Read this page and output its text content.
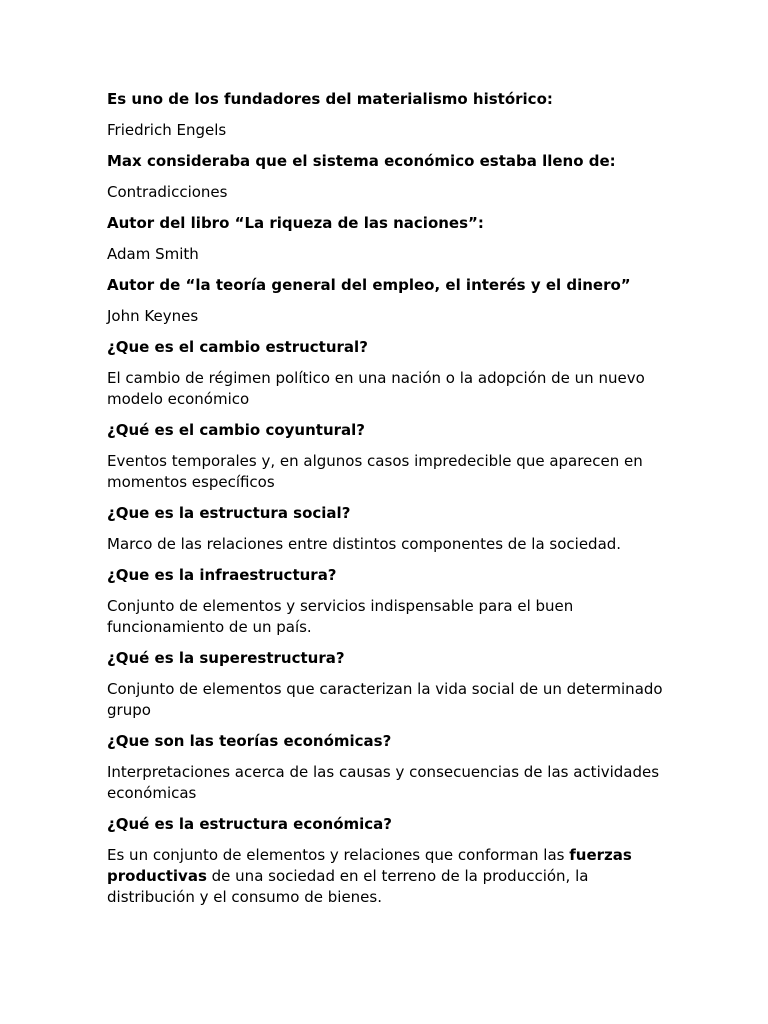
Es uno de los fundadores del materialismo histórico:

Friedrich Engels

Max consideraba que el sistema económico estaba lleno de:

Contradicciones

Autor del libro “La riqueza de las naciones”:

Adam Smith

Autor de “la teoría general del empleo, el interés y el dinero”

John Keynes

¿Que es el cambio estructural?

El cambio de régimen político en una nación o la adopción de un nuevo modelo económico

¿Qué es el cambio coyuntural?

Eventos temporales y, en algunos casos impredecible que aparecen en momentos específicos

¿Que es la estructura social?

Marco de las relaciones entre distintos componentes de la sociedad.

¿Que es la infraestructura?

Conjunto de elementos y servicios indispensable para el buen funcionamiento de un país.

¿Qué es la superestructura?

Conjunto de elementos que caracterizan la vida social de un determinado grupo

¿Que son las teorías económicas?

Interpretaciones acerca de las causas y consecuencias de las actividades económicas

¿Qué es la estructura económica?

Es un conjunto de elementos y relaciones que conforman las fuerzas productivas de una sociedad en el terreno de la producción, la distribución y el consumo de bienes.
